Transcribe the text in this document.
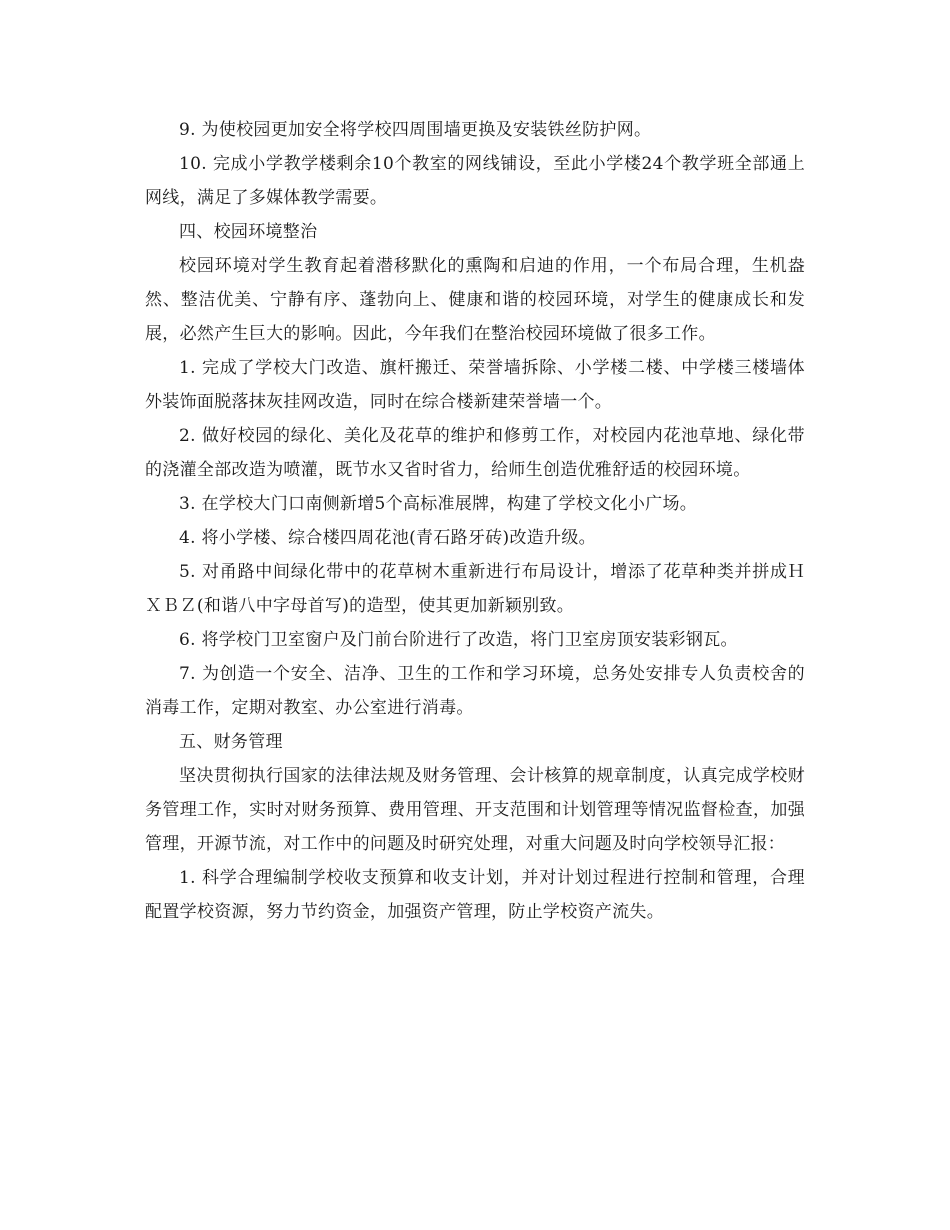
9. 为使校园更加安全将学校四周围墙更换及安装铁丝防护网。

10. 完成小学教学楼剩余10个教室的网线铺设，至此小学楼24个教学班全部通上网线，满足了多媒体教学需要。

四、校园环境整治

校园环境对学生教育起着潜移默化的熏陶和启迪的作用，一个布局合理，生机盎然、整洁优美、宁静有序、蓬勃向上、健康和谐的校园环境，对学生的健康成长和发展，必然产生巨大的影响。因此，今年我们在整治校园环境做了很多工作。

1. 完成了学校大门改造、旗杆搬迁、荣誉墙拆除、小学楼二楼、中学楼三楼墙体外装饰面脱落抹灰挂网改造，同时在综合楼新建荣誉墙一个。

2. 做好校园的绿化、美化及花草的维护和修剪工作，对校园内花池草地、绿化带的浇灌全部改造为喷灌，既节水又省时省力，给师生创造优雅舒适的校园环境。

3. 在学校大门口南侧新增5个高标准展牌，构建了学校文化小广场。

4. 将小学楼、综合楼四周花池(青石路牙砖)改造升级。

5. 对甬路中间绿化带中的花草树木重新进行布局设计，增添了花草种类并拼成ＨＸＢＺ(和谐八中字母首写)的造型，使其更加新颖别致。

6. 将学校门卫室窗户及门前台阶进行了改造，将门卫室房顶安装彩钢瓦。

7. 为创造一个安全、洁净、卫生的工作和学习环境，总务处安排专人负责校舍的消毒工作，定期对教室、办公室进行消毒。

五、财务管理

坚决贯彻执行国家的法律法规及财务管理、会计核算的规章制度，认真完成学校财务管理工作，实时对财务预算、费用管理、开支范围和计划管理等情况监督检查，加强管理，开源节流，对工作中的问题及时研究处理，对重大问题及时向学校领导汇报：

1. 科学合理编制学校收支预算和收支计划，并对计划过程进行控制和管理，合理配置学校资源，努力节约资金，加强资产管理，防止学校资产流失。
